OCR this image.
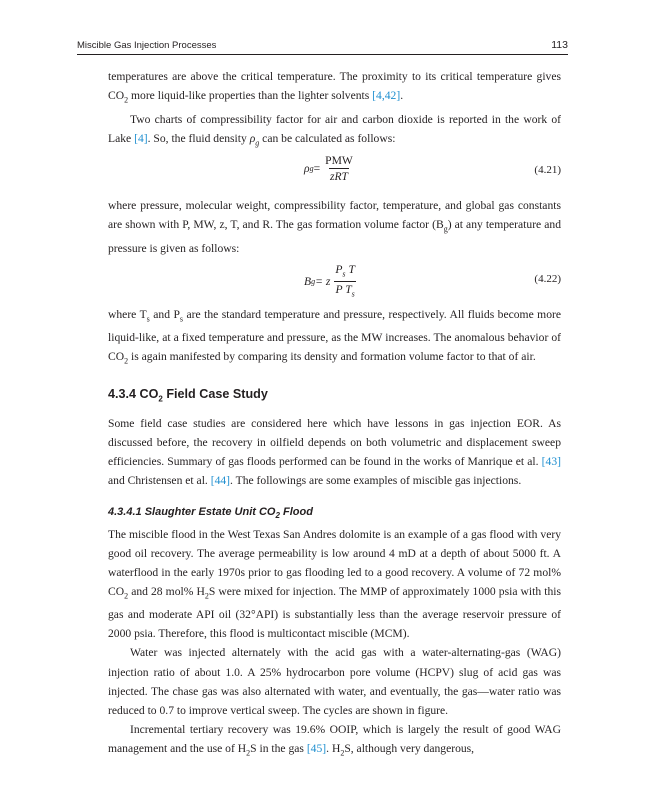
Miscible Gas Injection Processes	113

temperatures are above the critical temperature. The proximity to its critical temperature gives $CO_2$ more liquid-like properties than the lighter solvents [4,42].

Two charts of compressibility factor for air and carbon dioxide is reported in the work of Lake [4]. So, the fluid density $\rho_g$ can be calculated as follows:

ρ $g = \frac{\text{PMW}}{\text{zRT}}$	(4.21)

where pressure, molecular weight, compressibility factor, temperature, and global gas constants are shown with P, MW, z, T, and R. The gas formation volume factor $(B_g)$ at any temperature and pressure is given as follows:

B g = z $\frac{P_s T}{P T_s}$	(4.22)

where $T_s$ and $P_s$ are the standard temperature and pressure, respectively. All fluids become more liquid-like, at a fixed temperature and pressure, as the MW increases. The anomalous behavior of $CO_2$ is again manifested by comparing its density and formation volume factor to that of air.

4.3.4 $CO_2$ Field Case Study

Some field case studies are considered here which have lessons in gas injection EOR. As discussed before, the recovery in oilfield depends on both volumetric and displacement sweep efficiencies. Summary of gas floods performed can be found in the works of Manrique et al. [43] and Christensen et al. [44]. The followings are some examples of miscible gas injections.

4.3.4.1 Slaughter Estate Unit $CO_2$ Flood

The miscible flood in the West Texas San Andres dolomite is an example of a gas flood with very good oil recovery. The average permeability is low around 4 mD at a depth of about 5000 ft. A waterflood in the early 1970s prior to gas flooding led to a good recovery. A volume of 72 mol% $CO_2$ and 28 mol% $H_2S$ were mixed for injection. The MMP of approximately 1000 psia with this gas and moderate API oil (32°API) is substantially less than the average reservoir pressure of 2000 psia. Therefore, this flood is multicontact miscible (MCM).

Water was injected alternately with the acid gas with a water-alternating-gas (WAG) injection ratio of about 1.0. A 25% hydrocarbon pore volume (HCPV) slug of acid gas was injected. The chase gas was also alternated with water, and eventually, the gas—water ratio was reduced to 0.7 to improve vertical sweep. The cycles are shown in figure.

Incremental tertiary recovery was 19.6% OOIP, which is largely the result of good WAG management and the use of $H_2S$ in the gas [45]. $H_2S$, although very dangerous,
